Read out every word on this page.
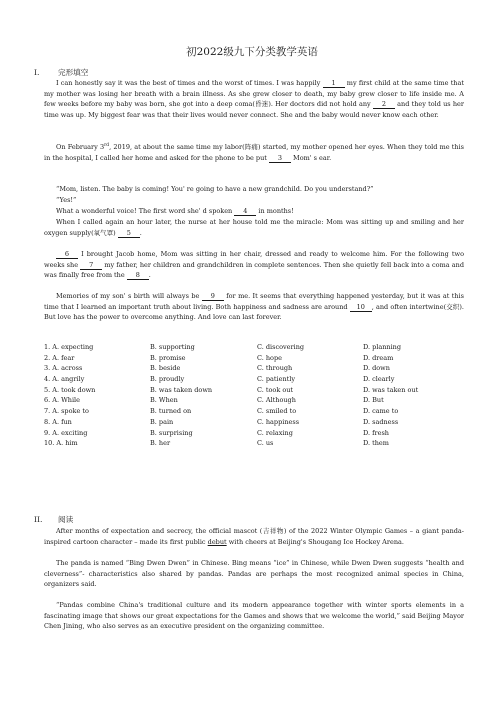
初2022级九下分类教学英语
I. 完形填空

I can honestly say it was the best of times and the worst of times. I was happily 1 my first child at the same time that my mother was losing her breath with a brain illness. As she grew closer to death, my baby grew closer to life inside me. A few weeks before my baby was born, she got into a deep coma(昏迷). Her doctors did not hold any 2 and they told us her time was up. My biggest fear was that their lives would never connect. She and the baby would never know each other.

On February 3rd, 2019, at about the same time my labor(阵痛) started, my mother opened her eyes. When they told me this in the hospital, I called her home and asked for the phone to be put 3 Mom' s ear.

“Mom, listen. The baby is coming! You' re going to have a new grandchild. Do you understand?”

“Yes!”

What a wonderful voice! The first word she' d spoken 4 in months!

When I called again an hour later, the nurse at her house told me the miracle: Mom was sitting up and smiling and her oxygen supply(氧气罩) 5 .

6 I brought Jacob home, Mom was sitting in her chair, dressed and ready to welcome him. For the following two weeks she 7 my father, her children and grandchildren in complete sentences. Then she quietly fell back into a coma and was finally free from the 8 .

Memories of my son' s birth will always be 9 for me. It seems that everything happened yesterday, but it was at this time that I learned an important truth about living. Both happiness and sadness are around 10 , and often intertwine(交织). But love has the power to overcome anything. And love can last forever.

1. A. expecting	B. supporting	C. discovering	D. planning
2. A. fear	B. promise	C. hope	D. dream
3. A. across	B. beside	C. through	D. down
4. A. angrily	B. proudly	C. patiently	D. clearly
5. A. took down	B. was taken down	C. took out	D. was taken out
6. A. While	B. When	C. Although	D. But
7. A. spoke to	B. turned on	C. smiled to	D. came to
8. A. fun	B. pain	C. happiness	D. sadness
9. A. exciting	B. surprising	C. relaxing	D. fresh
10. A. him	B. her	C. us	D. them
II. 阅读

After months of expectation and secrecy, the official mascot (吉祥物) of the 2022 Winter Olympic Games – a giant panda-inspired cartoon character – made its first public debut with cheers at Beijing's Shougang Ice Hockey Arena.

The panda is named “Bing Dwen Dwen” in Chinese. Bing means “ice” in Chinese, while Dwen Dwen suggests “health and cleverness”- characteristics also shared by pandas. Pandas are perhaps the most recognized animal species in China, organizers said.

“Pandas combine China's traditional culture and its modern appearance together with winter sports elements in a fascinating image that shows our great expectations for the Games and shows that we welcome the world,” said Beijing Mayor Chen Jining, who also serves as an executive president on the organizing committee.
